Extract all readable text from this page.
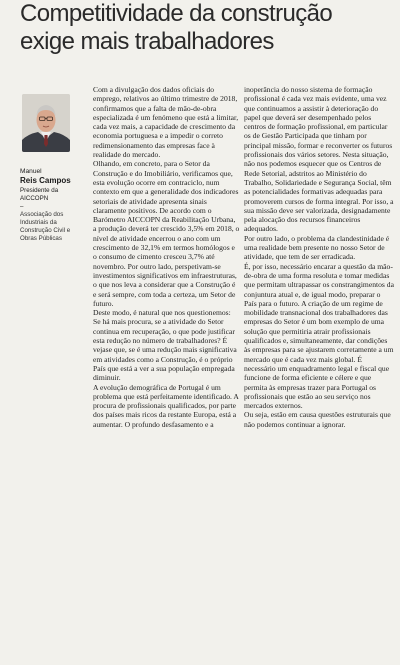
Competitividade da construção
exige mais trabalhadores
Manuel
Reis Campos
Presidente da AICCOPN
–
Associação dos Industriais da Construção Civil e Obras Públicas

Com a divulgação dos dados oficiais do emprego, relativos ao último trimestre de 2018, confirmamos que a falta de mão-de-obra especializada é um fenómeno que está a limitar, cada vez mais, a capacidade de crescimento da economia portuguesa e a impedir o correto redimensionamento das empresas face à realidade do mercado.
Olhando, em concreto, para o Setor da Construção e do Imobiliário, verificamos que, esta evolução ocorre em contraciclo, num contexto em que a generalidade dos indicadores setoriais de atividade apresenta sinais claramente positivos. De acordo com o Barómetro AICCOPN da Reabilitação Urbana, a produção deverá ter crescido 3,5% em 2018, o nível de atividade encerrou o ano com um crescimento de 32,1% em termos homólogos e o consumo de cimento cresceu 3,7% até novembro. Por outro lado, perspetivam-se investimentos significativos em infraestruturas, o que nos leva a considerar que a Construção é e será sempre, com toda a certeza, um Setor de futuro.
Deste modo, é natural que nos questionemos: Se há mais procura, se a atividade do Setor continua em recuperação, o que pode justificar esta redução no número de trabalhadores? É vejase que, se é uma redução mais significativa em atividades como a Construção, é o próprio País que está a ver a sua população empregada diminuir.
A evolução demográfica de Portugal é um problema que está perfeitamente identificado. A procura de profissionais qualificados, por parte dos países mais ricos da restante Europa, está a aumentar. O profundo desfasamento e a

inoperância do nosso sistema de formação profissional é cada vez mais evidente, uma vez que continuamos a assistir à deterioração do papel que deverá ser desempenhado pelos centros de formação profissional, em particular os de Gestão Participada que tinham por principal missão, formar e reconverter os futuros profissionais dos vários setores. Nesta situação, não nos podemos esquecer que os Centros de Rede Setorial, adstritos ao Ministério do Trabalho, Solidariedade e Segurança Social, têm as potencialidades formativas adequadas para promoverem cursos de forma integral. Por isso, a sua missão deve ser valorizada, designadamente pela alocação dos recursos financeiros adequados.
Por outro lado, o problema da clandestinidade é uma realidade bem presente no nosso Setor de atividade, que tem de ser erradicada.
É, por isso, necessário encarar a questão da mão-de-obra de uma forma resoluta e tomar medidas que permitam ultrapassar os constrangimentos da conjuntura atual e, de igual modo, preparar o País para o futuro. A criação de um regime de mobilidade transnacional dos trabalhadores das empresas do Setor é um bom exemplo de uma solução que permitiria atrair profissionais qualificados e, simultaneamente, dar condições às empresas para se ajustarem corretamente a um mercado que é cada vez mais global. É necessário um enquadramento legal e fiscal que funcione de forma eficiente e célere e que permita às empresas trazer para Portugal os profissionais que estão ao seu serviço nos mercados externos.
Ou seja, estão em causa questões estruturais que não podemos continuar a ignorar.
